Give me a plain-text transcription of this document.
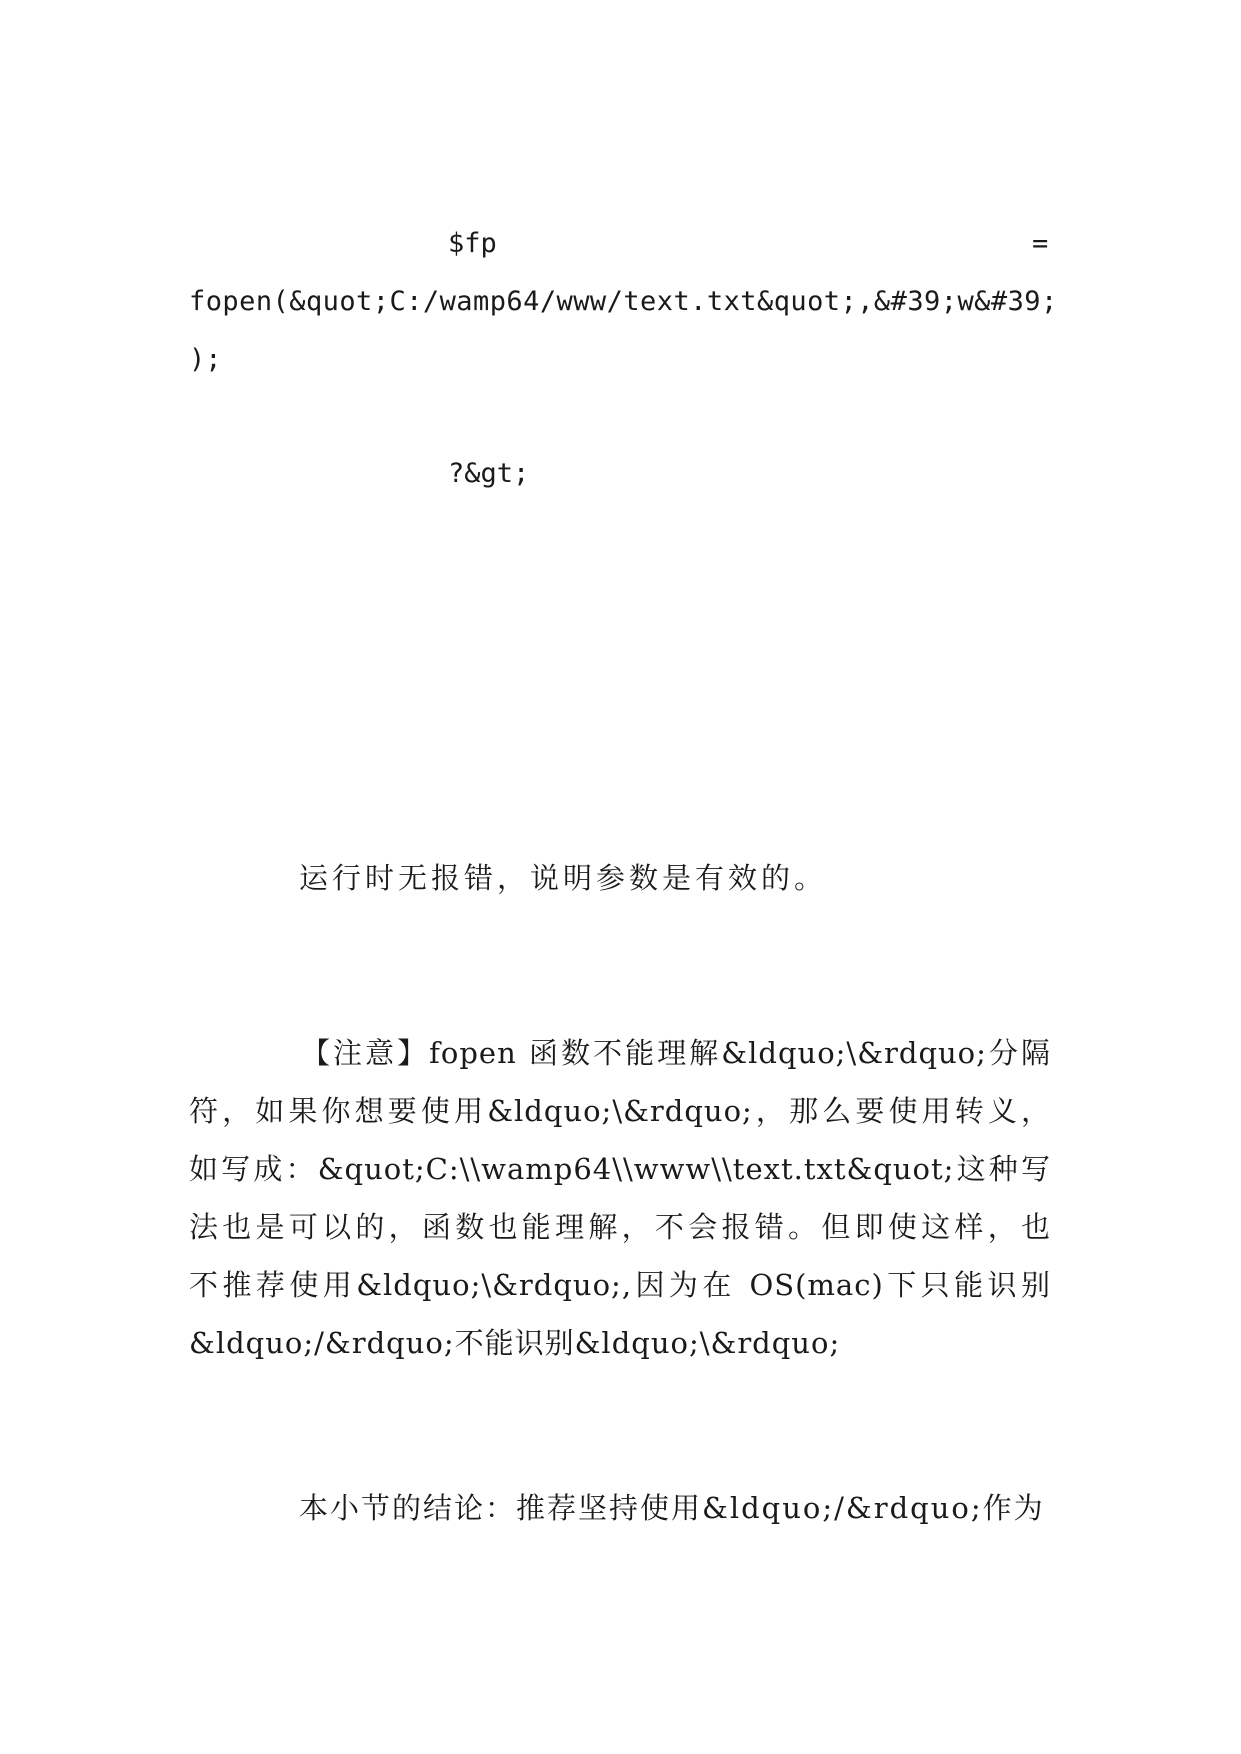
$fp	=
fopen(&quot;C:/wamp64/www/text.txt&quot;,&#39;w&#39;
);
?&gt;
运行时无报错，说明参数是有效的。
【注意】fopen 函数不能理解&ldquo;\&rdquo;分隔
符，如果你想要使用&ldquo;\&rdquo;，那么要使用转义，
如写成：&quot;C:\\wamp64\\www\\text.txt&quot;这种写
法也是可以的，函数也能理解，不会报错。但即使这样，也
不推荐使用&ldquo;\&rdquo;,因为在 OS(mac)下只能识别
&ldquo;/&rdquo;不能识别&ldquo;\&rdquo;
本小节的结论：推荐坚持使用&ldquo;/&rdquo;作为
